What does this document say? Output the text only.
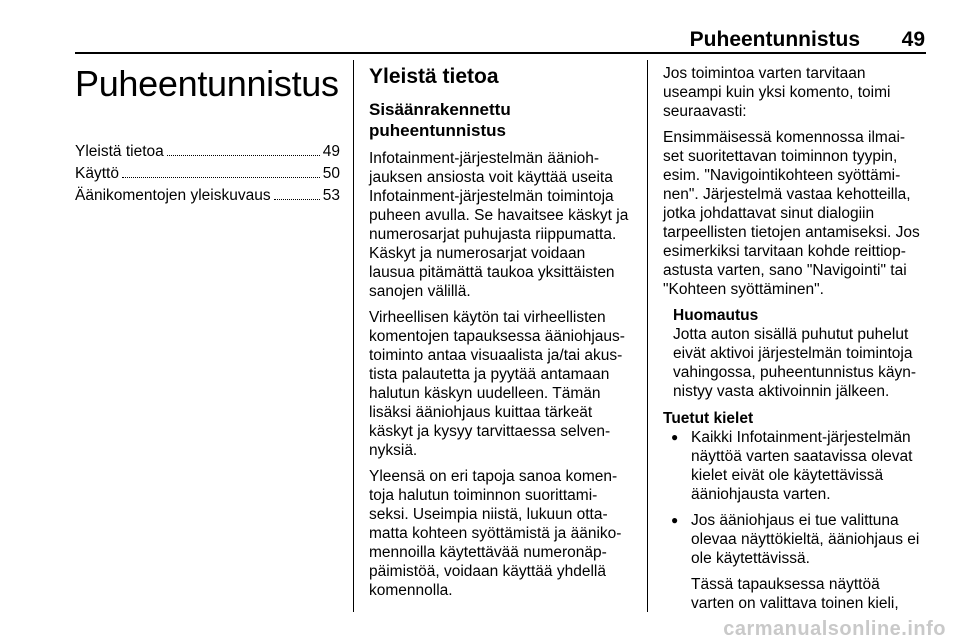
Puheentunnistus	49
Puheentunnistus
Yleistä tietoa	49
Käyttö	50
Äänikomentojen yleiskuvaus	53
Yleistä tietoa
Sisäänrakennettu
puheentunnistus

Infotainment-järjestelmän äänioh-
jauksen ansiosta voit käyttää useita
Infotainment-järjestelmän toimintoja
puheen avulla. Se havaitsee käskyt ja
numerosarjat puhujasta riippumatta.
Käskyt ja numerosarjat voidaan
lausua pitämättä taukoa yksittäisten
sanojen välillä.

Virheellisen käytön tai virheellisten
komentojen tapauksessa ääniohjaus-
toiminto antaa visuaalista ja/tai akus-
tista palautetta ja pyytää antamaan
halutun käskyn uudelleen. Tämän
lisäksi ääniohjaus kuittaa tärkeät
käskyt ja kysyy tarvittaessa selven-
nyksiä.

Yleensä on eri tapoja sanoa komen-
toja halutun toiminnon suorittami-
seksi. Useimpia niistä, lukuun otta-
matta kohteen syöttämistä ja ääniko-
mennoilla käytettävää numeronäp-
päimistöä, voidaan käyttää yhdellä
komennolla.

Jos toimintoa varten tarvitaan
useampi kuin yksi komento, toimi
seuraavasti:

Ensimmäisessä komennossa ilmai-
set suoritettavan toiminnon tyypin,
esim. "Navigointikohteen syöttämi-
nen". Järjestelmä vastaa kehotteilla,
jotka johdattavat sinut dialogiin
tarpeellisten tietojen antamiseksi. Jos
esimerkiksi tarvitaan kohde reittiop-
astusta varten, sano "Navigointi" tai
"Kohteen syöttäminen".

Huomautus
Jotta auton sisällä puhutut puhelut
eivät aktivoi järjestelmän toimintoja
vahingossa, puheentunnistus käyn-
nistyy vasta aktivoinnin jälkeen.
Tuetut kielet
● Kaikki Infotainment-järjestelmän
näyttöä varten saatavissa olevat
kielet eivät ole käytettävissä
ääniohjausta varten.
● Jos ääniohjaus ei tue valittuna
olevaa näyttökieltä, ääniohjaus ei
ole käytettävissä.
Tässä tapauksessa näyttöä
varten on valittava toinen kieli,
carmanualsonline.info
